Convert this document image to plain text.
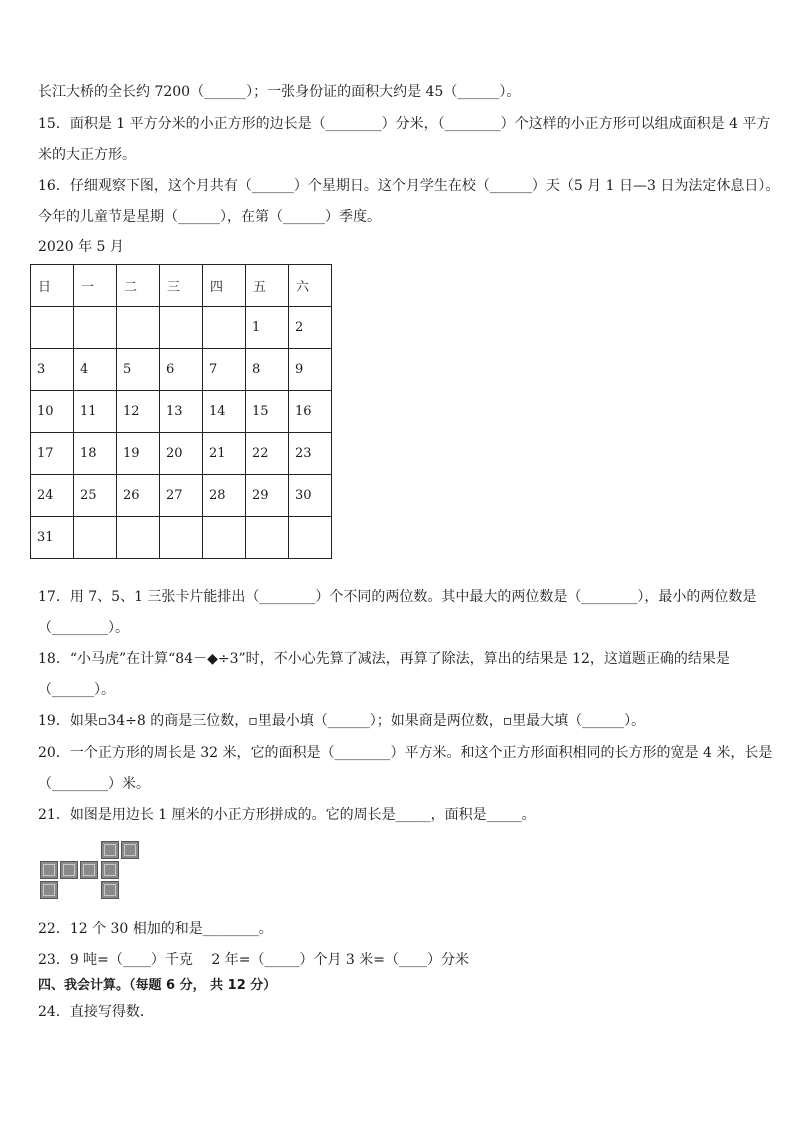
长江大桥的全长约 7200（______）；一张身份证的面积大约是 45（______）。
15．面积是 1 平方分米的小正方形的边长是（________）分米，（________）个这样的小正方形可以组成面积是 4 平方
米的大正方形。
16．仔细观察下图，这个月共有（______）个星期日。这个月学生在校（______）天（5 月 1 日—3 日为法定休息日）。
今年的儿童节是星期（______），在第（______）季度。
2020 年 5 月
日	一	二	三	四	五	六
					1	2
3	4	5	6	7	8	9
10	11	12	13	14	15	16
17	18	19	20	21	22	23
24	25	26	27	28	29	30
31						
17．用 7、5、1 三张卡片能排出（________）个不同的两位数。其中最大的两位数是（________），最小的两位数是
（________）。
18．“小马虎”在计算“84－◆÷3”时，不小心先算了减法，再算了除法，算出的结果是 12，这道题正确的结果是
（______）。
19．如果▫34÷8 的商是三位数，▫里最小填（______）；如果商是两位数，▫里最大填（______）。
20．一个正方形的周长是 32 米，它的面积是（________）平方米。和这个正方形面积相同的长方形的宽是 4 米，长是
（________）米。
21．如图是用边长 1 厘米的小正方形拼成的。它的周长是_____，面积是_____。
22．12 个 30 相加的和是________。
23．9 吨=（____）千克　 2 年=（_____）个月 3 米=（____）分米
四、我会计算。（每题 6 分， 共 12 分）
24．直接写得数．
